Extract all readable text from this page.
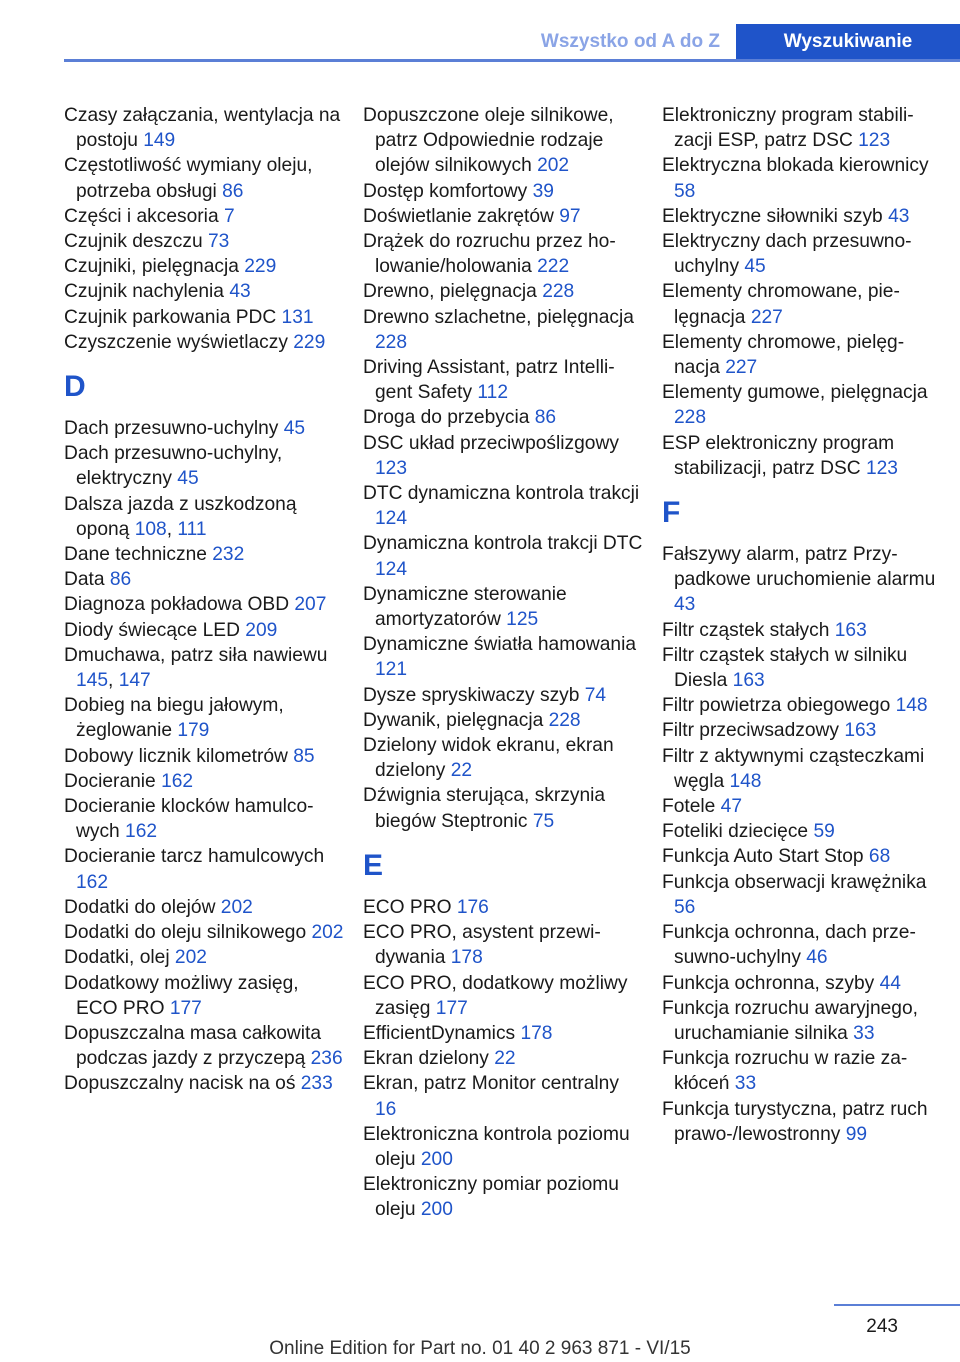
Wszystko od A do Z	Wyszukiwanie
Czasy załączania, wentylacja na postoju 149
Częstotliwość wymiany oleju, potrzeba obsługi 86
Części i akcesoria 7
Czujnik deszczu 73
Czujniki, pielęgnacja 229
Czujnik nachylenia 43
Czujnik parkowania PDC 131
Czyszczenie wyświetlaczy 229
D
Dach przesuwno-uchylny 45
Dach przesuwno-uchylny, elektryczny 45
Dalsza jazda z uszkodzoną oponą 108, 111
Dane techniczne 232
Data 86
Diagnoza pokładowa OBD 207
Diody świecące LED 209
Dmuchawa, patrz siła nawiewu 145, 147
Dobieg na biegu jałowym, żeglowanie 179
Dobowy licznik kilometrów 85
Docieranie 162
Docieranie klocków hamulcowych 162
Docieranie tarcz hamulcowych 162
Dodatki do olejów 202
Dodatki do oleju silnikowego 202
Dodatki, olej 202
Dodatkowy możliwy zasięg, ECO PRO 177
Dopuszczalna masa całkowita podczas jazdy z przyczepą 236
Dopuszczalny nacisk na oś 233
Dopuszczone oleje silnikowe, patrz Odpowiednie rodzaje olejów silnikowych 202
Dostęp komfortowy 39
Doświetlanie zakrętów 97
Drążek do rozruchu przez holowanie/holowania 222
Drewno, pielęgnacja 228
Drewno szlachetne, pielęgnacja 228
Driving Assistant, patrz Intelligent Safety 112
Droga do przebycia 86
DSC układ przeciwpoślizgowy 123
DTC dynamiczna kontrola trakcji 124
Dynamiczna kontrola trakcji DTC 124
Dynamiczne sterowanie amortyzatorów 125
Dynamiczne światła hamowania 121
Dysze spryskiwaczy szyb 74
Dywanik, pielęgnacja 228
Dzielony widok ekranu, ekran dzielony 22
Dźwignia sterująca, skrzynia biegów Steptronic 75
E
ECO PRO 176
ECO PRO, asystent przewidywania 178
ECO PRO, dodatkowy możliwy zasięg 177
EfficientDynamics 178
Ekran dzielony 22
Ekran, patrz Monitor centralny 16
Elektroniczna kontrola poziomu oleju 200
Elektroniczny pomiar poziomu oleju 200
Elektroniczny program stabilizacji ESP, patrz DSC 123
Elektryczna blokada kierownicy 58
Elektryczne siłowniki szyb 43
Elektryczny dach przesuwno-uchylny 45
Elementy chromowane, pielęgnacja 227
Elementy chromowe, pielęgnacja 227
Elementy gumowe, pielęgnacja 228
ESP elektroniczny program stabilizacji, patrz DSC 123
F
Fałszywy alarm, patrz Przypadkowe uruchomienie alarmu 43
Filtr cząstek stałych 163
Filtr cząstek stałych w silniku Diesla 163
Filtr powietrza obiegowego 148
Filtr przeciwsadzowy 163
Filtr z aktywnymi cząsteczkami węgla 148
Fotele 47
Foteliki dziecięce 59
Funkcja Auto Start Stop 68
Funkcja obserwacji krawężnika 56
Funkcja ochronna, dach przesuwno-uchylny 46
Funkcja ochronna, szyby 44
Funkcja rozruchu awaryjnego, uruchamianie silnika 33
Funkcja rozruchu w razie zakłóceń 33
Funkcja turystyczna, patrz ruch prawo-/lewostronny 99
243
Online Edition for Part no. 01 40 2 963 871 - VI/15
